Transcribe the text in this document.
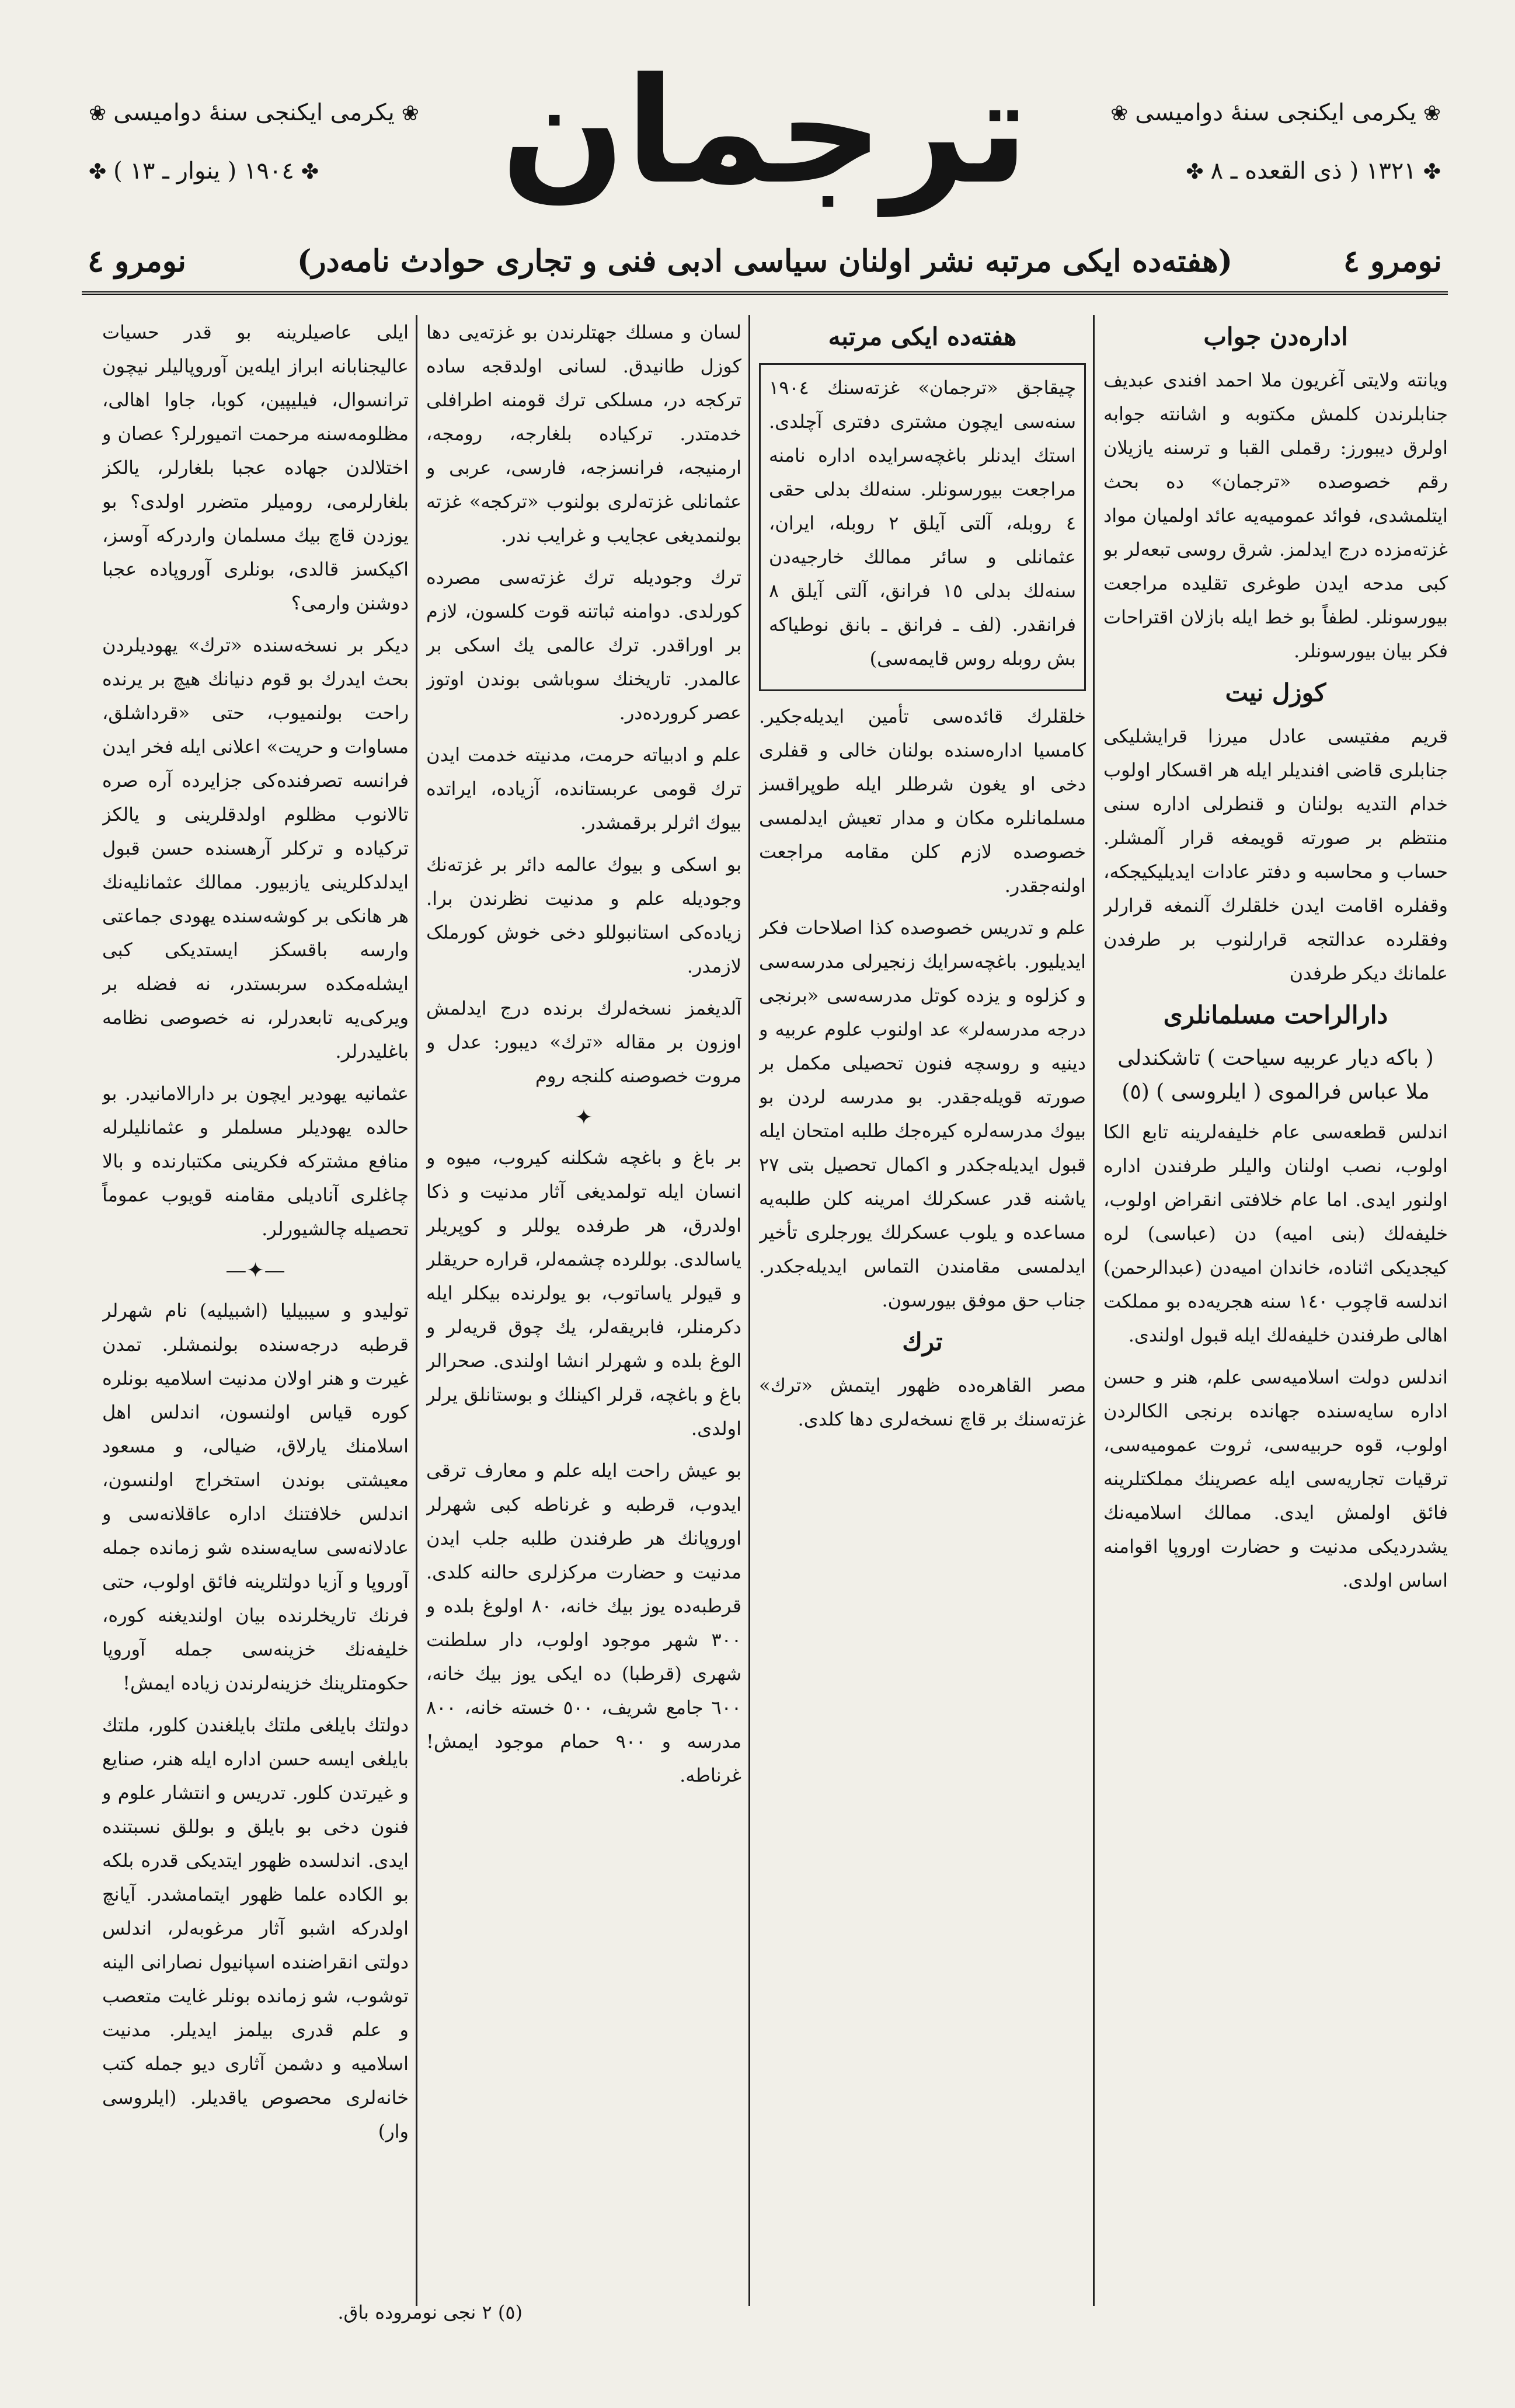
❀یکرمی ایکنجی سنهٔ دوامیسی❀
❀یکرمی ایکنجی سنهٔ دوامیسی❀
✤١٣٢١ ( ذی القعده ـ ٨✤
✤١٩٠٤ ( ینوار ـ ١٣ )✤	ترجمان
نومرو ٤
(هفته‌ده ایکی مرتبه نشر اولنان سیاسی ادبی فنی و تجاری حوادث نامه‌در)
نومرو ٤
اداره‌دن جواب

ویانته ولایتی آغریون ملا احمد افندی عبدیف جنابلرندن کلمش مکتوبه و اشانته جوابه اولرق دیبورز: رقملی القبا و ترسنه یازیلان رقم خصوصده «ترجمان» ده بحث ایتلمشدی، فوائد عمومیه‌یه عائد اولمیان مواد غزته‌مزده درج ایدلمز. شرق روسی تبعه‌لر بو کبی مدحه ایدن طوغری تقلیده مراجعت بیورسونلر. لطفاً بو خط ایله بازلان اقتراحات فکر بیان بیورسونلر.

کوزل نیت

قریم مفتیسی عادل میرزا قرایشلیکی جنابلری قاضی افندیلر ایله هر اقسکار اولوب خدام التدیه بولنان و قنطرلی اداره سنی منتظم بر صورته قویمغه قرار آلمشلر. حساب و محاسبه و دفتر عادات ایدیلیکیجکه، وقفلره اقامت ایدن خلقلرك آلنمغه قرارلر وفقلرده عدالتجه قرارلنوب بر طرفدن علمانك دیکر طرفدن

دارالراحت مسلمانلری
( باکه دیار عربیه سیاحت ) تاشکندلی ملا عباس فرالموی ( ایلروسی ) (٥)

اندلس قطعه‌سی عام خلیفه‌لرینه تابع الکا اولوب، نصب اولنان والیلر طرفندن اداره اولنور ایدی. اما عام خلافتی انقراض اولوب، خلیفه‌لك (بنی امیه) دن (عباسی) لره کیجدیکی اثناده، خاندان امیه‌دن (عبدالرحمن) اندلسه قاچوب ١٤٠ سنه هجریه‌ده بو مملکت اهالی طرفندن خلیفه‌لك ایله قبول اولندی.

اندلس دولت اسلامیه‌سی علم، هنر و حسن اداره سایه‌سنده جهانده برنجی الکالردن اولوب، قوه حربیه‌سی، ثروت عمومیه‌سی، ترقیات تجاریه‌سی ایله عصرینك مملکتلرینه فائق اولمش ایدی. ممالك اسلامیه‌نك یشدردیکی مدنیت و حضارت اوروپا اقوامنه اساس اولدی.

هفته‌ده ایکی مرتبه

چیقاجق «ترجمان» غزته‌سنك ١٩٠٤ سنه‌سی ایچون مشتری دفتری آچلدی. استك ایدنلر باغچه‌سرایده اداره نامنه مراجعت بیورسونلر. سنه‌لك بدلی حقی ٤ روبله، آلتی آیلق ٢ روبله، ایران، عثمانلی و سائر ممالك خارجیه‌دن سنه‌لك بدلی ١٥ فرانق، آلتی آیلق ٨ فرانقدر. (لف ـ فرانق ـ بانق نوطیاکه بش روبله روس قایمه‌سی)

خلقلرك قائده‌سی تأمین ایدیله‌جکیر. کامسیا اداره‌سنده بولنان خالی و قفلری دخی او یغون شرطلر ایله طوپراقسز مسلمانلره مکان و مدار تعیش ایدلمسی خصوصده لازم کلن مقامه مراجعت اولنه‌جقدر.

علم و تدریس خصوصده کذا اصلاحات فکر ایدیلیور. باغچه‌سرایك زنجیرلی مدرسه‌سی و کزلوه و یزده کوتل مدرسه‌سی «برنجی درجه مدرسه‌لر» عد اولنوب علوم عربیه و دینیه و روسچه فنون تحصیلی مکمل بر صورته قویله‌جقدر. بو مدرسه لردن بو بیوك مدرسه‌لره کیره‌جك طلبه امتحان ایله قبول ایدیله‌جکدر و اکمال تحصیل بتی ٢٧ یاشنه قدر عسکرلك امرینه کلن طلبه‌یه مساعده و یلوب عسکرلك یورجلری تأخیر ایدلمسی مقامندن التماس ایدیله‌جکدر. جناب حق موفق بیورسون.

ترك

مصر القاهره‌ده ظهور ایتمش «ترك» غزته‌سنك بر قاچ نسخه‌لری دها کلدی.

لسان و مسلك جهتلرندن بو غزته‌یی دها کوزل طانیدق. لسانی اولدقجه ساده ترکجه در، مسلکی ترك قومنه اطرافلی خدمتدر. ترکیاده بلغارجه، رومجه، ارمنیجه، فرانسزجه، فارسی، عربی و عثمانلی غزته‌لری بولنوب «ترکجه» غزته بولنمدیغی عجایب و غرایب ندر.

ترك وجودیله ترك غزته‌سی مصرده کورلدی. دوامنه ثباتنه قوت کلسون، لازم بر اوراقدر. ترك عالمی یك اسکی بر عالمدر. تاریخنك سوباشی بوندن اوتوز عصر کرورده‌در.

علم و ادبیاته حرمت، مدنیته خدمت ایدن ترك قومی عربستانده، آزیاده، ایراتده بیوك اثرلر برقمشدر.

بو اسکی و بیوك عالمه دائر بر غزته‌نك وجودیله علم و مدنیت نظرندن برا. زیاده‌کی استانبوللو دخی خوش کورملک لازمدر.

آلدیغمز نسخه‌لرك برنده درج ایدلمش اوزون بر مقاله «ترك» دیبور: عدل و مروت خصوصنه کلنجه روم

✦

بر باغ و باغچه شکلنه کیروب، میوه و انسان ایله تولمدیغی آثار مدنیت و ذکا اولدرق، هر طرفده یوللر و کوپریلر یاسالدی. بوللرده چشمه‌لر، قراره حریقلر و قیولر یاساتوب، بو یولرنده بیکلر ایله دکرمنلر، فابریقه‌لر، یك چوق قریه‌لر و الوغ بلده و شهرلر انشا اولندی. صحرالر باغ و باغچه، قرلر اکینلك و بوستانلق یرلر اولدی.

بو عیش راحت ایله علم و معارف ترقی ایدوب، قرطبه و غرناطه کبی شهرلر اوروپانك هر طرفندن طلبه جلب ایدن مدنیت و حضارت مرکزلری حالنه کلدی. قرطبه‌ده یوز بیك خانه، ٨٠ اولوغ بلده و ٣٠٠ شهر موجود اولوب، دار سلطنت شهری (قرطبا) ده ایکی یوز بیك خانه، ٦٠٠ جامع شریف، ٥٠٠ خسته خانه، ٨٠٠ مدرسه و ٩٠٠ حمام موجود ایمش! غرناطه.

ایلی عاصیلرینه بو قدر حسیات عالیجنابانه ابراز ایله‌ین آوروپالیلر نیچون ترانسوال، فیلیپین، کوبا، جاوا اهالی، مظلومه‌سنه مرحمت اتمیورلر؟ عصان و اختلالدن جهاده عجبا بلغارلر، یالکز بلغارلرمی، رومیلر متضرر اولدی؟ بو یوزدن قاچ بیك مسلمان واردرکه آوسز، اکیکسز قالدی، بونلری آوروپاده عجبا دوشنن وارمی؟

دیکر بر نسخه‌سنده «ترك» یهودیلردن بحث ایدرك بو قوم دنیانك هیچ بر یرنده راحت بولنمیوب، حتی «قرداشلق، مساوات و حریت» اعلانی ایله فخر ایدن فرانسه تصرفنده‌کی جزایرده آره صره تالانوب مظلوم اولدقلرینی و یالکز ترکیاده و ترکلر آرهسنده حسن قبول ایدلدکلرینی یازبیور. ممالك عثمانلیه‌نك هر هانکی بر کوشه‌سنده یهودی جماعتی وارسه باقسکز ایستدیکی کبی ایشله‌مکده سربستدر، نه فضله بر ویرکی‌یه تابعدرلر، نه خصوصی نظامه باغلیدرلر.

عثمانیه یهودیر ایچون بر دارالامانیدر. بو حالده یهودیلر مسلملر و عثمانلیلرله منافع مشترکه فکرینی مکتبارنده و بالا چاغلری آنادیلی مقامنه قویوب عموماً تحصیله چالشیورلر.

—✦—

تولیدو و سیبیلیا (اشبیلیه) نام شهرلر قرطبه درجه‌سنده بولنمشلر. تمدن غیرت و هنر اولان مدنیت اسلامیه بونلره کوره قیاس اولنسون، اندلس اهل اسلامنك یارلاق، ضیالی، و مسعود معیشتی بوندن استخراج اولنسون، اندلس خلافتنك اداره عاقلانه‌سی و عادلانه‌سی سایه‌سنده شو زمانده جمله آوروپا و آزیا دولتلرینه فائق اولوب، حتی فرنك تاریخلرنده بیان اولندیغنه کوره، خلیفه‌نك خزینه‌سی جمله آوروپا حکومتلرینك خزینه‌لرندن زیاده ایمش!

دولتك بایلغی ملتك بایلغندن کلور، ملتك بایلغی ایسه حسن اداره ایله هنر، صنایع و غیرتدن کلور. تدریس و انتشار علوم و فنون دخی بو بایلق و بوللق نسبتنده ایدی. اندلسده ظهور ایتدیکی قدره بلکه بو الکاده علما ظهور ایتمامشدر. آیانچ اولدرکه اشبو آثار مرغوبه‌لر، اندلس دولتی انقراضنده اسپانیول نصارانی الینه توشوب، شو زمانده بونلر غایت متعصب و علم قدری بیلمز ایدیلر. مدنیت اسلامیه و دشمن آثاری دیو جمله کتب خانه‌لری محصوص یاقدیلر. (ایلرو‌سی وار)

(٥) ٢ نجی نومروده باق.
